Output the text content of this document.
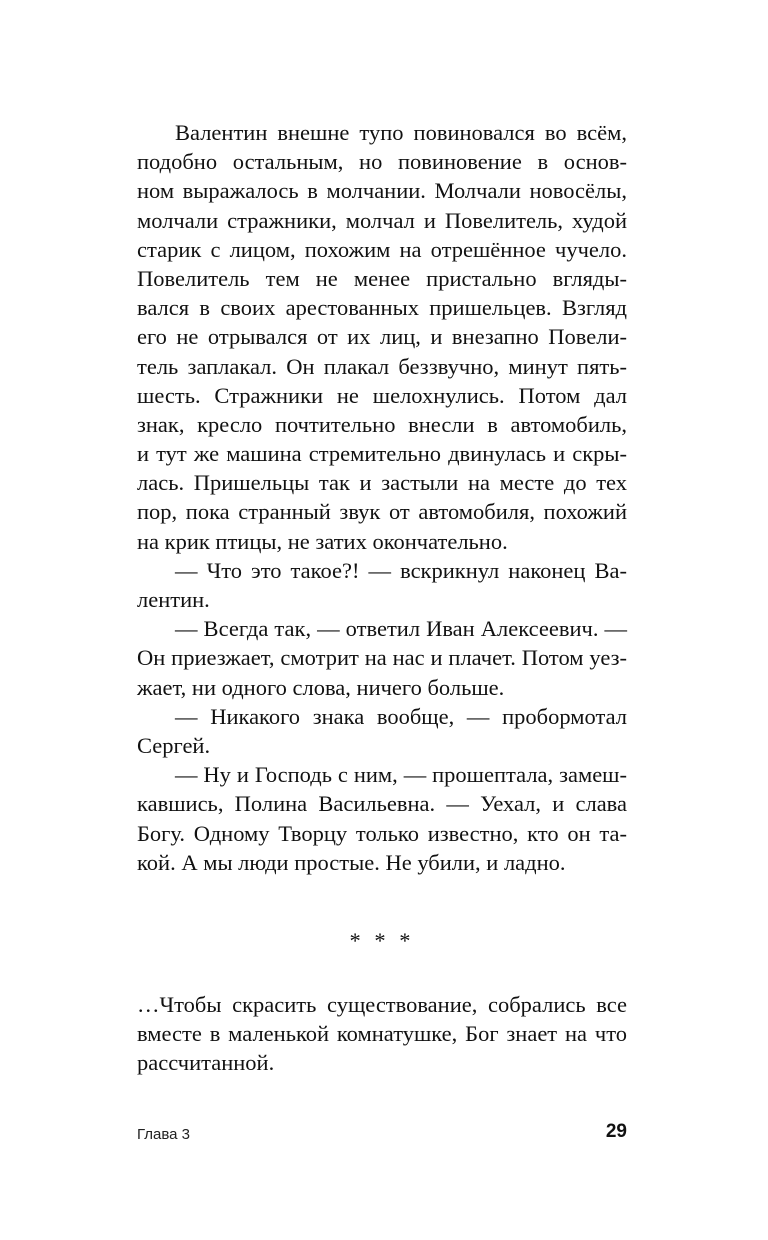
Валентин внешне тупо повиновался во всём,
подобно остальным, но повиновение в основ-
ном выражалось в молчании. Молчали новосёлы,
молчали стражники, молчал и Повелитель, худой
старик с лицом, похожим на отрешённое чучело.
Повелитель тем не менее пристально вгляды-
вался в своих арестованных пришельцев. Взгляд
его не отрывался от их лиц, и внезапно Повели-
тель заплакал. Он плакал беззвучно, минут пять-
шесть. Стражники не шелохнулись. Потом дал
знак, кресло почтительно внесли в автомобиль,
и тут же машина стремительно двинулась и скры-
лась. Пришельцы так и застыли на месте до тех
пор, пока странный звук от автомобиля, похожий
на крик птицы, не затих окончательно.
— Что это такое?! — вскрикнул наконец Ва-
лентин.
— Всегда так, — ответил Иван Алексеевич. —
Он приезжает, смотрит на нас и плачет. Потом уез-
жает, ни одного слова, ничего больше.
— Никакого знака вообще, — пробормотал
Сергей.
— Ну и Господь с ним, — прошептала, замеш-
кавшись, Полина Васильевна. — Уехал, и слава
Богу. Одному Творцу только известно, кто он та-
кой. А мы люди простые. Не убили, и ладно.
* * *
…Чтобы скрасить существование, собрались все
вместе в маленькой комнатушке, Бог знает на что
рассчитанной.
Глава 3	29
